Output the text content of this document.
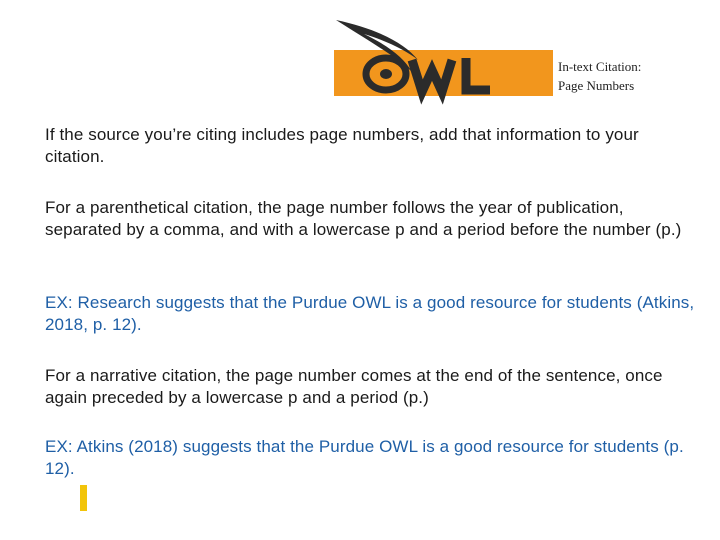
In-text Citation:
Page Numbers
If the source you’re citing includes page numbers, add that information to your citation.
For a parenthetical citation, the page number follows the year of publication, separated by a comma, and with a lowercase p and a period before the number (p.)
EX: Research suggests that the Purdue OWL is a good resource for students (Atkins, 2018, p. 12).
For a narrative citation, the page number comes at the end of the sentence, once again preceded by a lowercase p and a period (p.)
EX: Atkins (2018) suggests that the Purdue OWL is a good resource for students (p. 12).
